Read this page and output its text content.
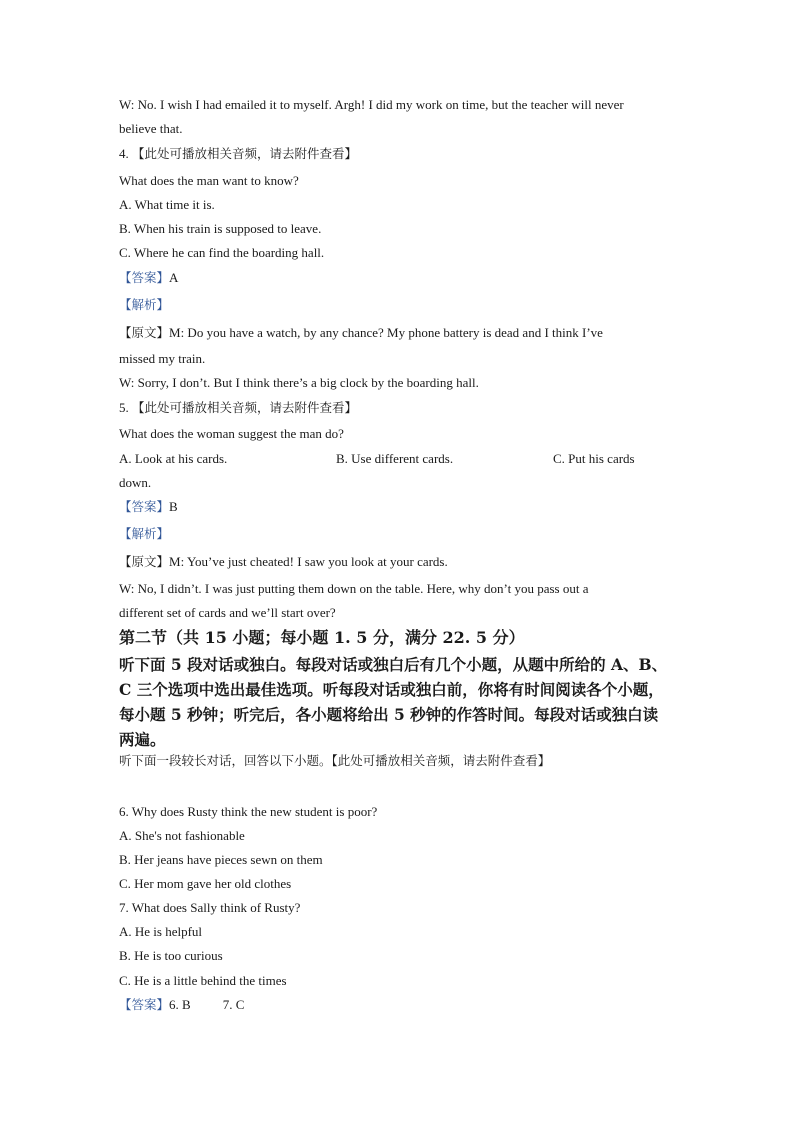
W: No. I wish I had emailed it to myself. Argh! I did my work on time, but the teacher will never
believe that.
4. 【此处可播放相关音频，请去附件查看】
What does the man want to know?
A. What time it is.
B. When his train is supposed to leave.
C. Where he can find the boarding hall.
【答案】A
【解析】
【原文】M: Do you have a watch, by any chance? My phone battery is dead and I think I’ve
missed my train.
W: Sorry, I don’t. But I think there’s a big clock by the boarding hall.
5. 【此处可播放相关音频，请去附件查看】
What does the woman suggest the man do?
A. Look at his cards.	B. Use different cards.	C. Put his cards
down.
【答案】B
【解析】
【原文】M: You’ve just cheated! I saw you look at your cards.
W: No, I didn’t. I was just putting them down on the table. Here, why don’t you pass out a
different set of cards and we’ll start over?
第二节（共 15 小题；每小题 1. 5 分，满分 22. 5 分）
听下面 5 段对话或独白。每段对话或独白后有几个小题，从题中所给的 A、B、
C 三个选项中选出最佳选项。听每段对话或独白前，你将有时间阅读各个小题，
每小题 5 秒钟；听完后，各小题将给出 5 秒钟的作答时间。每段对话或独白读
两遍。
听下面一段较长对话，回答以下小题。【此处可播放相关音频，请去附件查看】
6. Why does Rusty think the new student is poor?
A. She's not fashionable
B. Her jeans have pieces sewn on them
C. Her mom gave her old clothes
7. What does Sally think of Rusty?
A. He is helpful
B. He is too curious
C. He is a little behind the times
【答案】6. B 7. C
